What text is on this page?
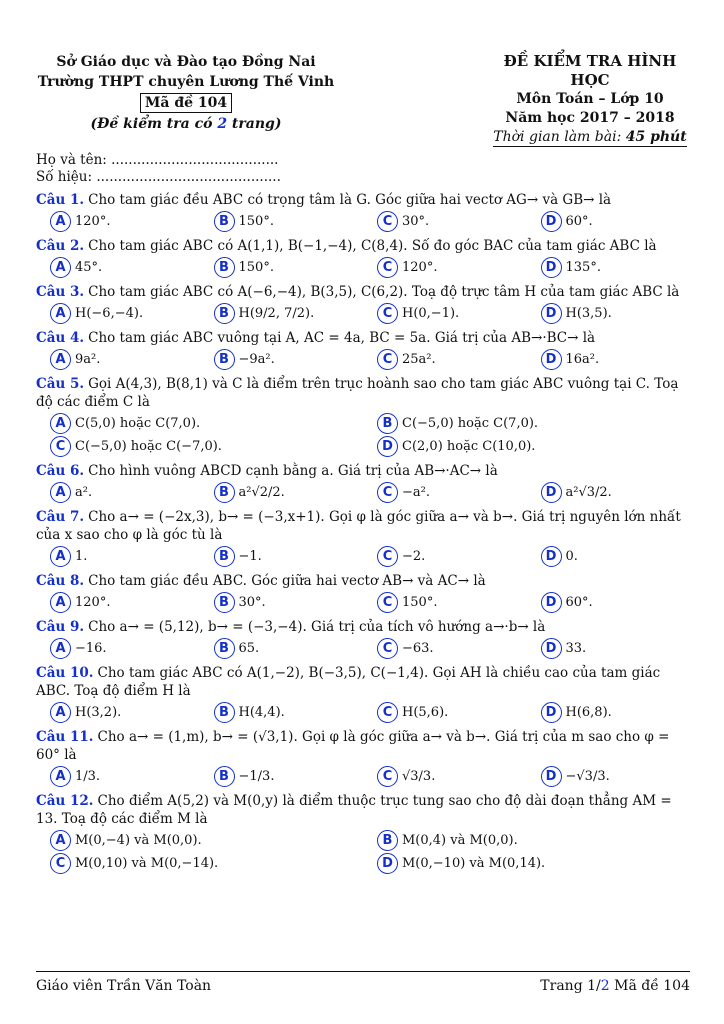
Sở Giáo dục và Đào tạo Đồng Nai
Trường THPT chuyên Lương Thế Vinh
Mã đề 104
(Đề kiểm tra có 2 trang)
ĐỀ KIỂM TRA HÌNH HỌC
Môn Toán – Lớp 10
Năm học 2017 – 2018
Thời gian làm bài: 45 phút
Họ và tên: .......................................
Số hiệu: ...........................................
Câu 1. Cho tam giác đều ABC có trọng tâm là G. Góc giữa hai vectơ AG→ và GB→ là
A 120°.	B 150°.	C 30°.	D 60°.
Câu 2. Cho tam giác ABC có A(1,1), B(−1,−4), C(8,4). Số đo góc BAC của tam giác ABC là
A 45°.	B 150°.	C 120°.	D 135°.
Câu 3. Cho tam giác ABC có A(−6,−4), B(3,5), C(6,2). Toạ độ trực tâm H của tam giác ABC là
A H(−6,−4).	B H(9/2, 7/2).	C H(0,−1).	D H(3,5).
Câu 4. Cho tam giác ABC vuông tại A, AC = 4a, BC = 5a. Giá trị của AB→·BC→ là
A 9a².	B −9a².	C 25a².	D 16a².
Câu 5. Gọi A(4,3), B(8,1) và C là điểm trên trục hoành sao cho tam giác ABC vuông tại C. Toạ độ các điểm C là
A C(5,0) hoặc C(7,0).	B C(−5,0) hoặc C(7,0).
C C(−5,0) hoặc C(−7,0).	D C(2,0) hoặc C(10,0).
Câu 6. Cho hình vuông ABCD cạnh bằng a. Giá trị của AB→·AC→ là
A a².	B a²√2/2.	C −a².	D a²√3/2.
Câu 7. Cho a→ = (−2x,3), b→ = (−3,x+1). Gọi φ là góc giữa a→ và b→. Giá trị nguyên lớn nhất của x sao cho φ là góc tù là
A 1.	B −1.	C −2.	D 0.
Câu 8. Cho tam giác đều ABC. Góc giữa hai vectơ AB→ và AC→ là
A 120°.	B 30°.	C 150°.	D 60°.
Câu 9. Cho a→ = (5,12), b→ = (−3,−4). Giá trị của tích vô hướng a→·b→ là
A −16.	B 65.	C −63.	D 33.
Câu 10. Cho tam giác ABC có A(1,−2), B(−3,5), C(−1,4). Gọi AH là chiều cao của tam giác ABC. Toạ độ điểm H là
A H(3,2).	B H(4,4).	C H(5,6).	D H(6,8).
Câu 11. Cho a→ = (1,m), b→ = (√3,1). Gọi φ là góc giữa a→ và b→. Giá trị của m sao cho φ = 60° là
A 1/3.	B −1/3.	C √3/3.	D −√3/3.
Câu 12. Cho điểm A(5,2) và M(0,y) là điểm thuộc trục tung sao cho độ dài đoạn thẳng AM = 13. Toạ độ các điểm M là
A M(0,−4) và M(0,0).	B M(0,4) và M(0,0).
C M(0,10) và M(0,−14).	D M(0,−10) và M(0,14).
Giáo viên Trần Văn Toàn	Trang 1/2 Mã đề 104
